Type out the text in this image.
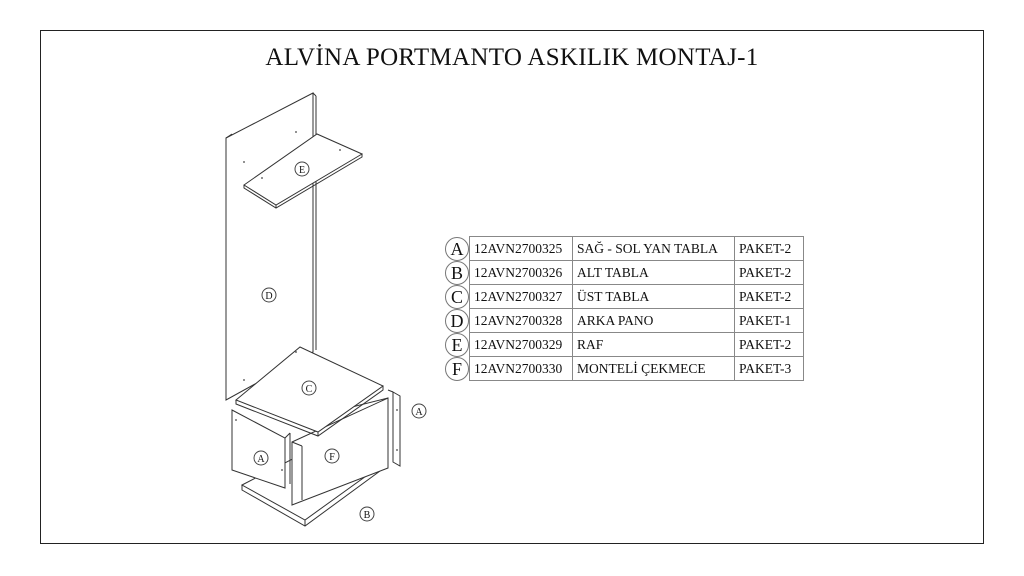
ALVİNA PORTMANTO ASKILIK MONTAJ-1
E
D
C
A	F
A
B
A	12AVN2700325	SAĞ - SOL YAN TABLA	PAKET-2
B	12AVN2700326	ALT TABLA	PAKET-2
C	12AVN2700327	ÜST TABLA	PAKET-2
D	12AVN2700328	ARKA PANO	PAKET-1
E	12AVN2700329	RAF	PAKET-2
F	12AVN2700330	MONTELİ ÇEKMECE	PAKET-3
